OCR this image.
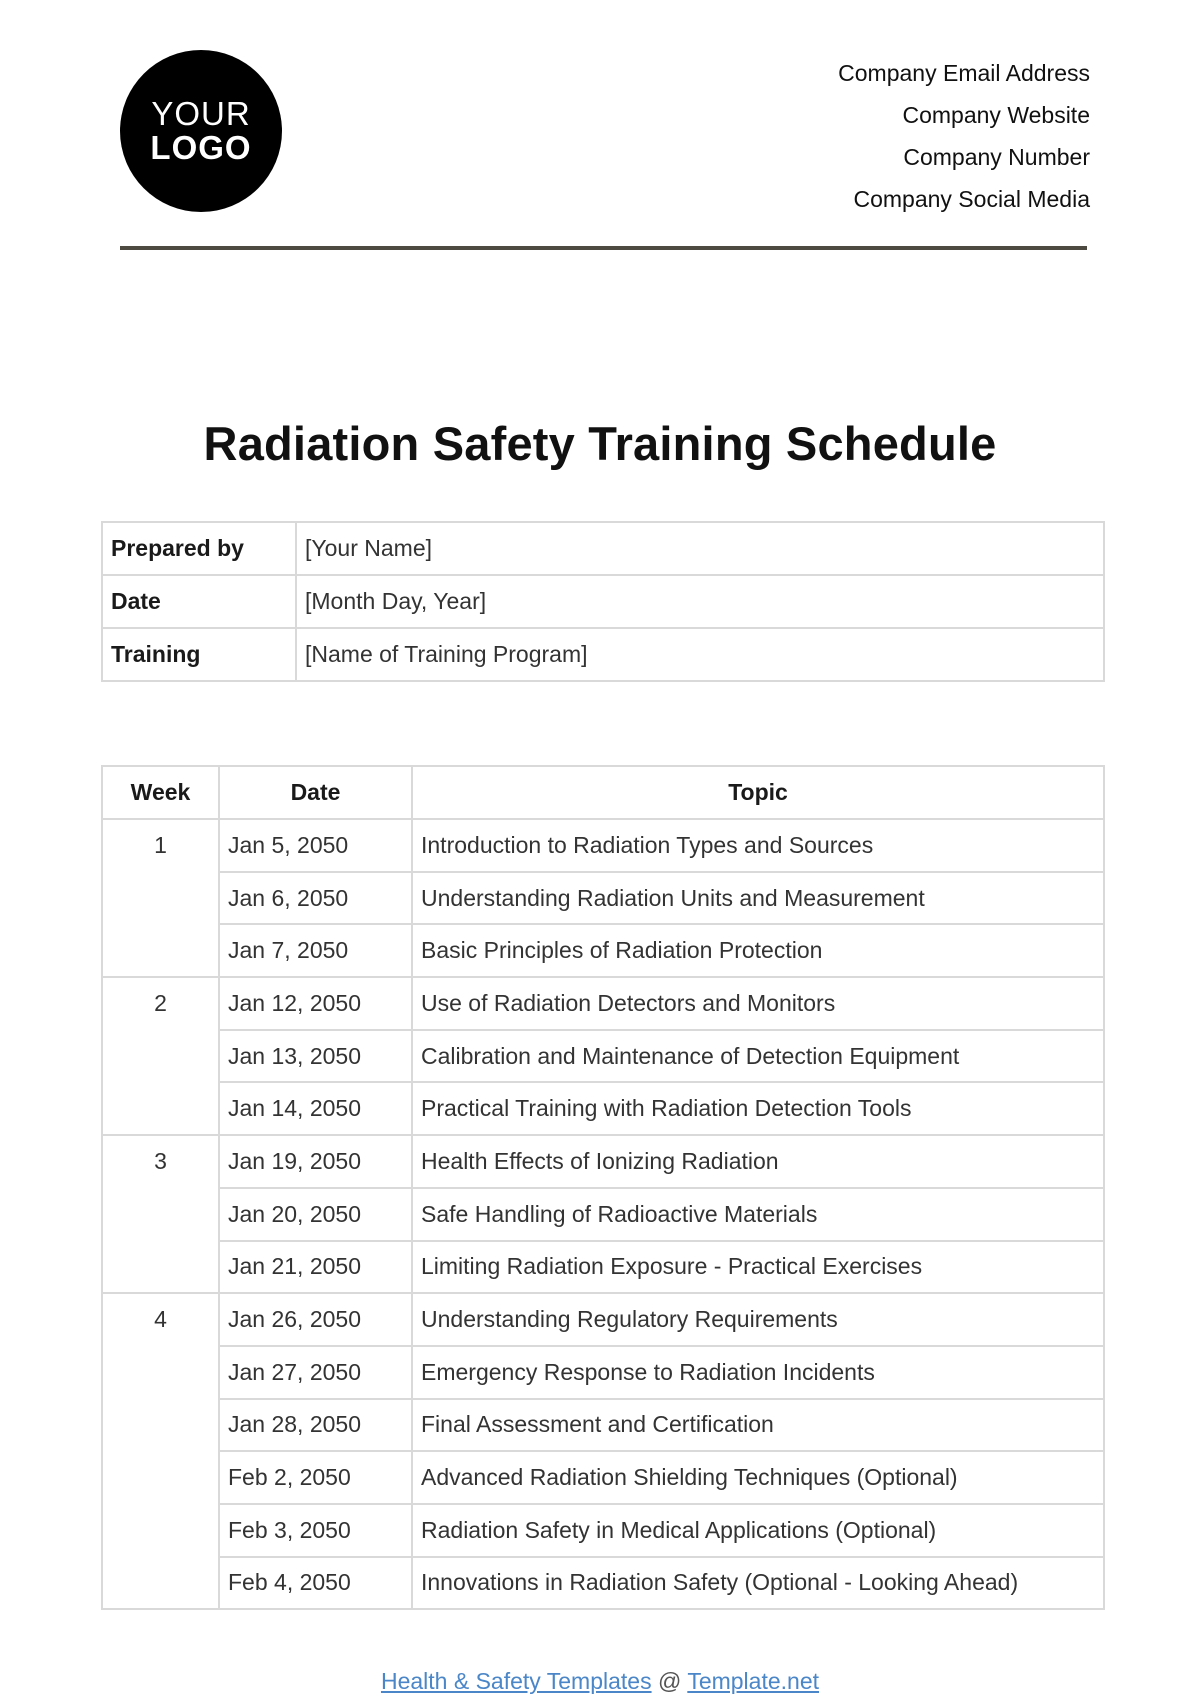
YOUR
LOGO
Company Email Address
Company Website
Company Number
Company Social Media
Radiation Safety Training Schedule
Prepared by	[Your Name]
Date	[Month Day, Year]
Training	[Name of Training Program]
Week	Date	Topic
1	Jan 5, 2050	Introduction to Radiation Types and Sources
	Jan 6, 2050	Understanding Radiation Units and Measurement
	Jan 7, 2050	Basic Principles of Radiation Protection
2	Jan 12, 2050	Use of Radiation Detectors and Monitors
	Jan 13, 2050	Calibration and Maintenance of Detection Equipment
	Jan 14, 2050	Practical Training with Radiation Detection Tools
3	Jan 19, 2050	Health Effects of Ionizing Radiation
	Jan 20, 2050	Safe Handling of Radioactive Materials
	Jan 21, 2050	Limiting Radiation Exposure - Practical Exercises
4	Jan 26, 2050	Understanding Regulatory Requirements
	Jan 27, 2050	Emergency Response to Radiation Incidents
	Jan 28, 2050	Final Assessment and Certification
	Feb 2, 2050	Advanced Radiation Shielding Techniques (Optional)
	Feb 3, 2050	Radiation Safety in Medical Applications (Optional)
	Feb 4, 2050	Innovations in Radiation Safety (Optional - Looking Ahead)
Health & Safety Templates @ Template.net
